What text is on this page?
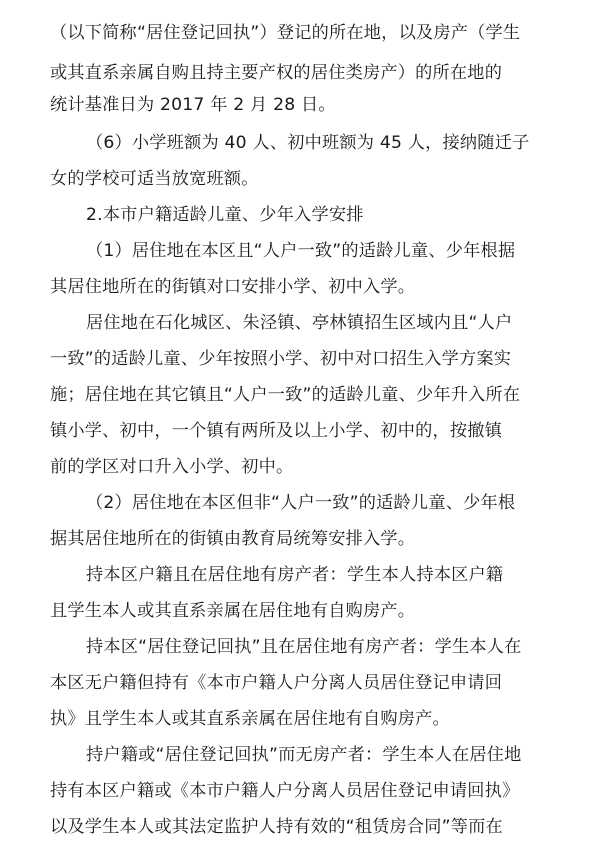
（以下简称“居住登记回执”）登记的所在地，以及房产（学生
或其直系亲属自购且持主要产权的居住类房产）的所在地的
统计基准日为 2017 年 2 月 28 日。
（6）小学班额为 40 人、初中班额为 45 人，接纳随迁子
女的学校可适当放宽班额。
2.本市户籍适龄儿童、少年入学安排
（1）居住地在本区且“人户一致”的适龄儿童、少年根据
其居住地所在的街镇对口安排小学、初中入学。
居住地在石化城区、朱泾镇、亭林镇招生区域内且“人户
一致”的适龄儿童、少年按照小学、初中对口招生入学方案实
施；居住地在其它镇且“人户一致”的适龄儿童、少年升入所在
镇小学、初中，一个镇有两所及以上小学、初中的，按撤镇
前的学区对口升入小学、初中。
（2）居住地在本区但非“人户一致”的适龄儿童、少年根
据其居住地所在的街镇由教育局统筹安排入学。
持本区户籍且在居住地有房产者：学生本人持本区户籍
且学生本人或其直系亲属在居住地有自购房产。
持本区“居住登记回执”且在居住地有房产者：学生本人在
本区无户籍但持有《本市户籍人户分离人员居住登记申请回
执》且学生本人或其直系亲属在居住地有自购房产。
持户籍或“居住登记回执”而无房产者：学生本人在居住地
持有本区户籍或《本市户籍人户分离人员居住登记申请回执》
以及学生本人或其法定监护人持有效的“租赁房合同”等而在
